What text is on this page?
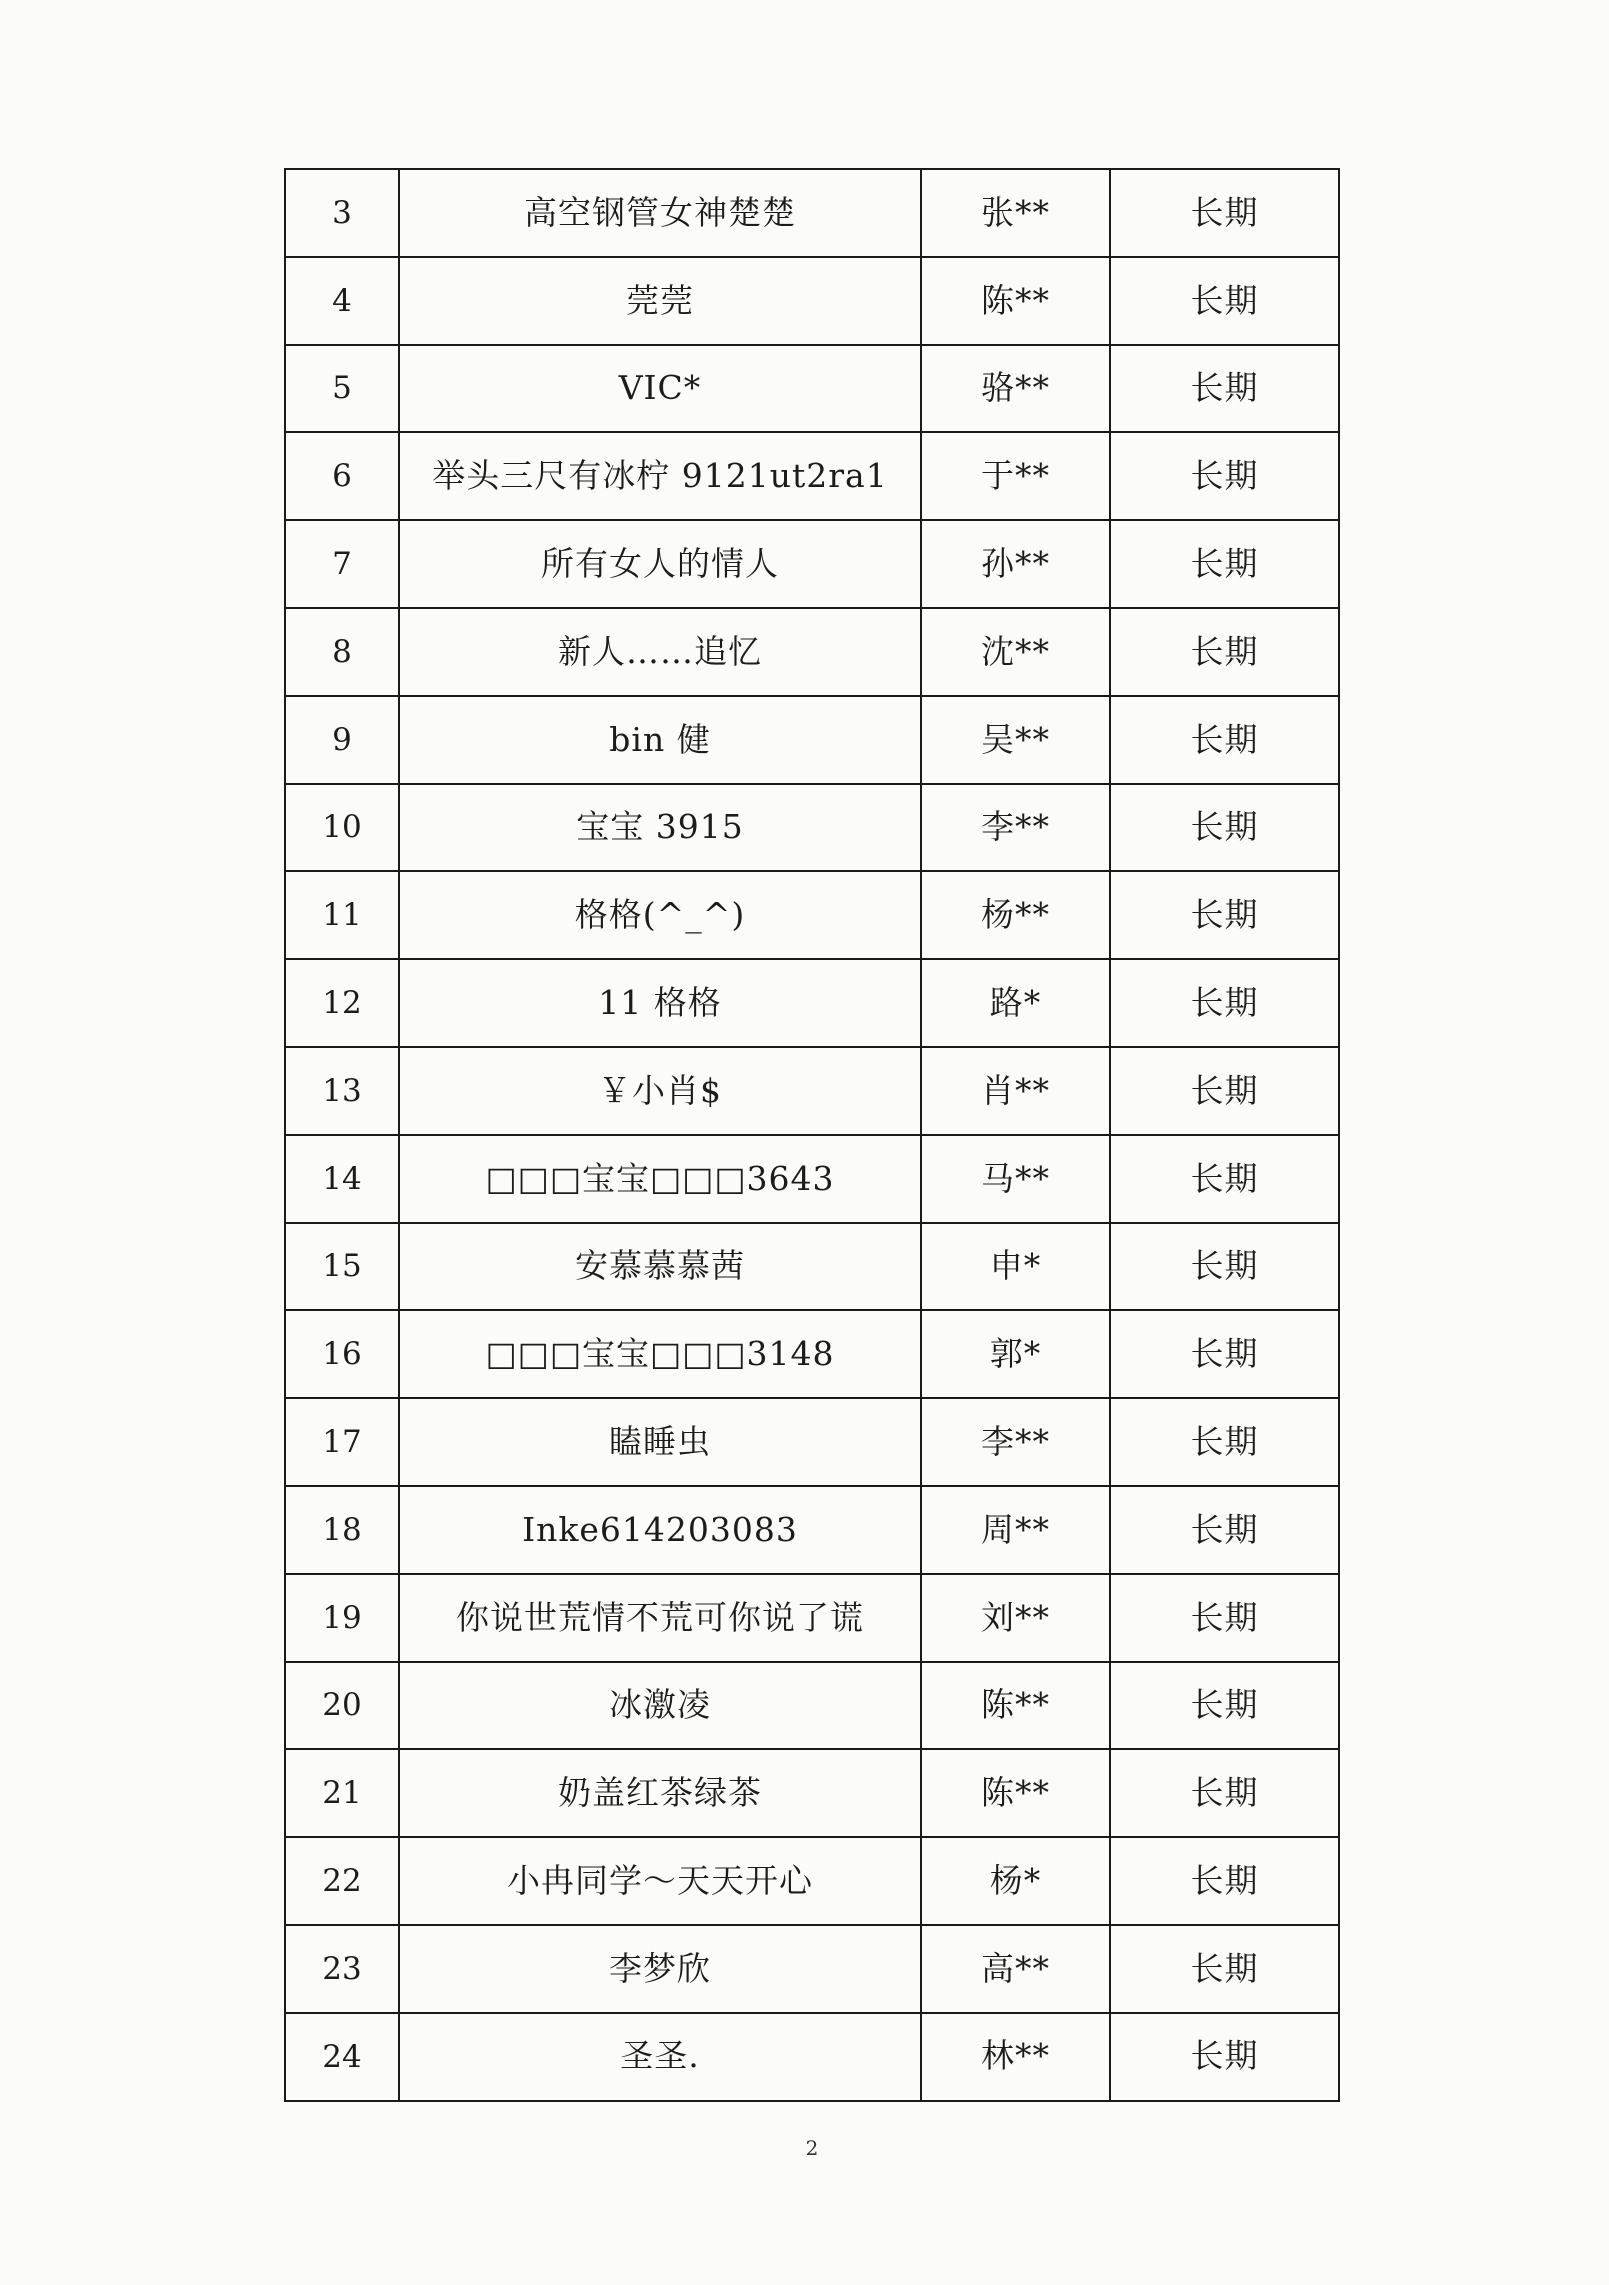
3	高空钢管女神楚楚	张**	长期
4	莞莞	陈**	长期
5	VIC*	骆**	长期
6	举头三尺有冰柠 9121ut2ra1	于**	长期
7	所有女人的情人	孙**	长期
8	新人……追忆	沈**	长期
9	bin 健	吴**	长期
10	宝宝 3915	李**	长期
11	格格(^_^)	杨**	长期
12	11 格格	路*	长期
13	￥小肖$	肖**	长期
14	□□□宝宝□□□3643	马**	长期
15	安慕慕慕茜	申*	长期
16	□□□宝宝□□□3148	郭*	长期
17	瞌睡虫	李**	长期
18	Inke614203083	周**	长期
19	你说世荒情不荒可你说了谎	刘**	长期
20	冰激凌	陈**	长期
21	奶盖红茶绿茶	陈**	长期
22	小冉同学～天天开心	杨*	长期
23	李梦欣	高**	长期
24	圣圣.	林**	长期
2
